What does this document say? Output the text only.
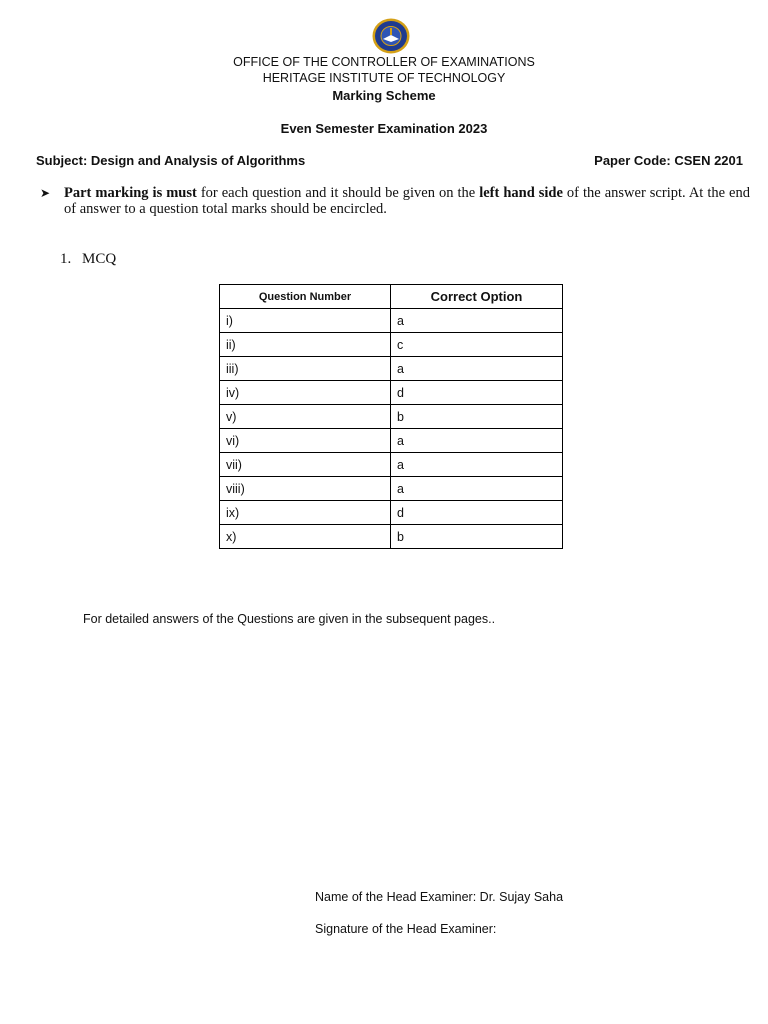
OFFICE OF THE CONTROLLER OF EXAMINATIONS
HERITAGE INSTITUTE OF TECHNOLOGY
Marking Scheme
Even Semester Examination 2023
Subject: Design and Analysis of Algorithms	Paper Code: CSEN 2201
➤ Part marking is must for each question and it should be given on the left hand side of the answer script. At the end of answer to a question total marks should be encircled.
1. MCQ
Question Number	Correct Option
i)	a
ii)	c
iii)	a
iv)	d
v)	b
vi)	a
vii)	a
viii)	a
ix)	d
x)	b
For detailed answers of the Questions are given in the subsequent pages..
Name of the Head Examiner: Dr. Sujay Saha
Signature of the Head Examiner:
